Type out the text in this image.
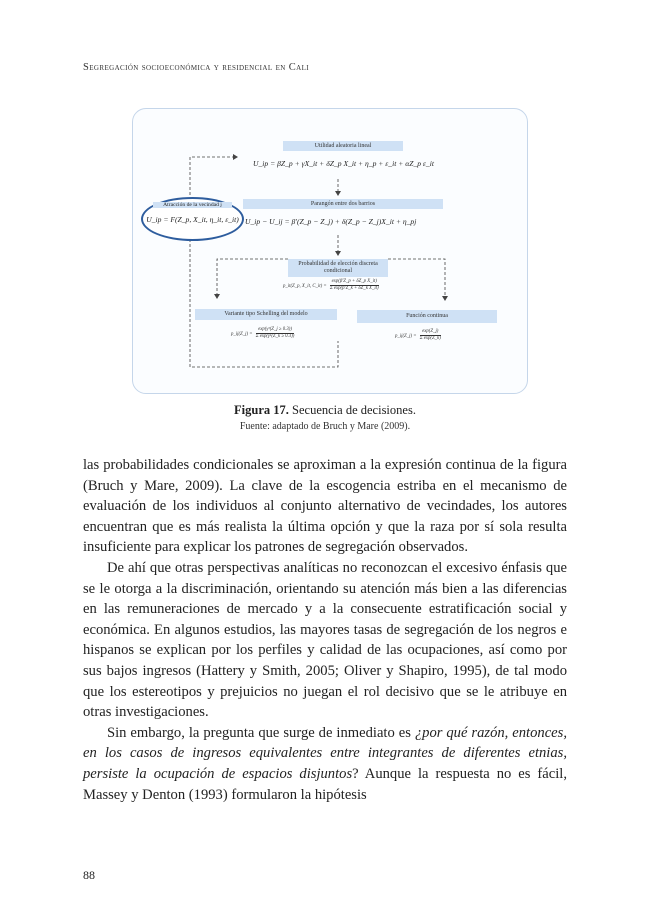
Segregación socioeconómica y residencial en Cali
Utilidad aleatoria lineal
U_ip = βZ_p + γX_it + δZ_p X_it + η_p + ε_it + αZ_p ε_it
Atracción de la vecindad j
U_ip = F(Z_p, X_it, η_it, ε_it)
Parangón entre dos barrios
U_ip − U_ij = β′(Z_p − Z_j) + δ(Z_p − Z_j)X_it + η_pj
Probabilidad de elección discreta condicional
p_it(Z_p, X_it, C_it) = $\frac{\text{exp(β′Z\_p + δZ\_p X\_it)}}{\text{Σ exp(β′Z\_k + δZ\_k X\_it)}}$
Variante tipo Schelling del modelo
p_ij(Z_j) = $\frac{\text{exp(γ¹(Z\_j ≥ 0.3))}}{\text{Σ exp(γ¹(Z\_k ≥ 0.3))}}$
Función continua
p_ij(Z_j) = $\frac{\exp(Z\_j)}{\text{Σ exp(Z\_k)}}$
Figura 17. Secuencia de decisiones.
Fuente: adaptado de Bruch y Mare (2009).

las probabilidades condicionales se aproximan a la expresión continua de la figura (Bruch y Mare, 2009). La clave de la escogencia estriba en el mecanismo de evaluación de los individuos al conjunto alternativo de vecindades, los autores encuentran que es más realista la última opción y que la raza por sí sola resulta insuficiente para explicar los patrones de segregación observados.

De ahí que otras perspectivas analíticas no reconozcan el excesivo énfasis que se le otorga a la discriminación, orientando su atención más bien a las diferencias en las remuneraciones de mercado y a la consecuente estratificación social y económica. En algunos estudios, las mayores tasas de segregación de los negros e hispanos se explican por los perfiles y calidad de las ocupaciones, así como por sus bajos ingresos (Hattery y Smith, 2005; Oliver y Shapiro, 1995), de tal modo que los estereotipos y prejuicios no juegan el rol decisivo que se le atribuye en otras investigaciones.

Sin embargo, la pregunta que surge de inmediato es ¿por qué razón, entonces, en los casos de ingresos equivalentes entre integrantes de diferentes etnias, persiste la ocupación de espacios disjuntos? Aunque la respuesta no es fácil, Massey y Denton (1993) formularon la hipótesis

88
